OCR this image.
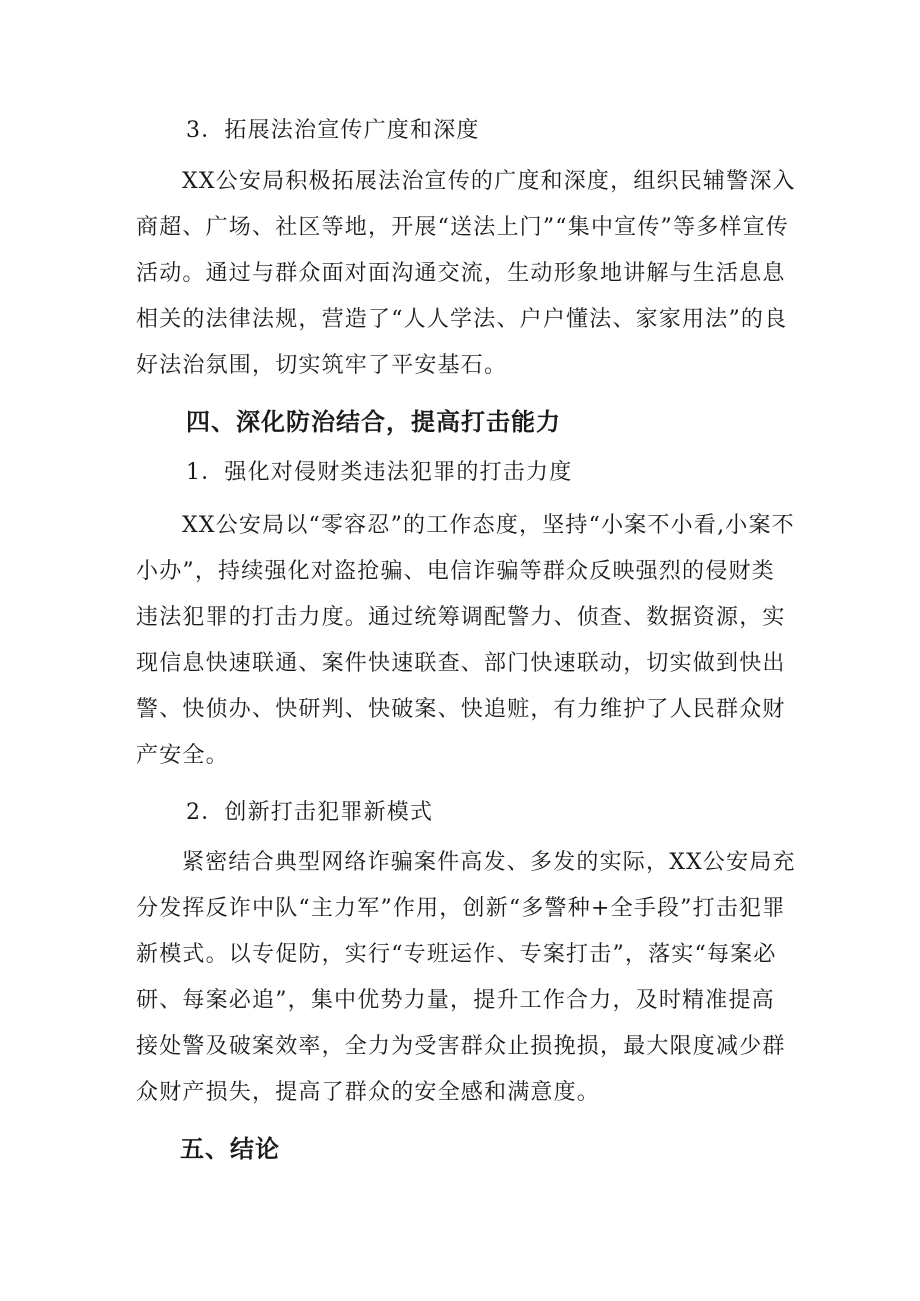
3．拓展法治宣传广度和深度

XX公安局积极拓展法治宣传的广度和深度，组织民辅警深入商超、广场、社区等地，开展“送法上门”“集中宣传”等多样宣传活动。通过与群众面对面沟通交流，生动形象地讲解与生活息息相关的法律法规，营造了“人人学法、户户懂法、家家用法”的良好法治氛围，切实筑牢了平安基石。

四、深化防治结合，提高打击能力

1．强化对侵财类违法犯罪的打击力度

XX公安局以“零容忍”的工作态度，坚持“小案不小看,小案不小办”，持续强化对盗抢骗、电信诈骗等群众反映强烈的侵财类违法犯罪的打击力度。通过统筹调配警力、侦查、数据资源，实现信息快速联通、案件快速联查、部门快速联动，切实做到快出警、快侦办、快研判、快破案、快追赃，有力维护了人民群众财产安全。

2．创新打击犯罪新模式

紧密结合典型网络诈骗案件高发、多发的实际，XX公安局充分发挥反诈中队“主力军”作用，创新“多警种+全手段”打击犯罪新模式。以专促防，实行“专班运作、专案打击”，落实“每案必研、每案必追”，集中优势力量，提升工作合力，及时精准提高接处警及破案效率，全力为受害群众止损挽损，最大限度减少群众财产损失，提高了群众的安全感和满意度。

五、结论
